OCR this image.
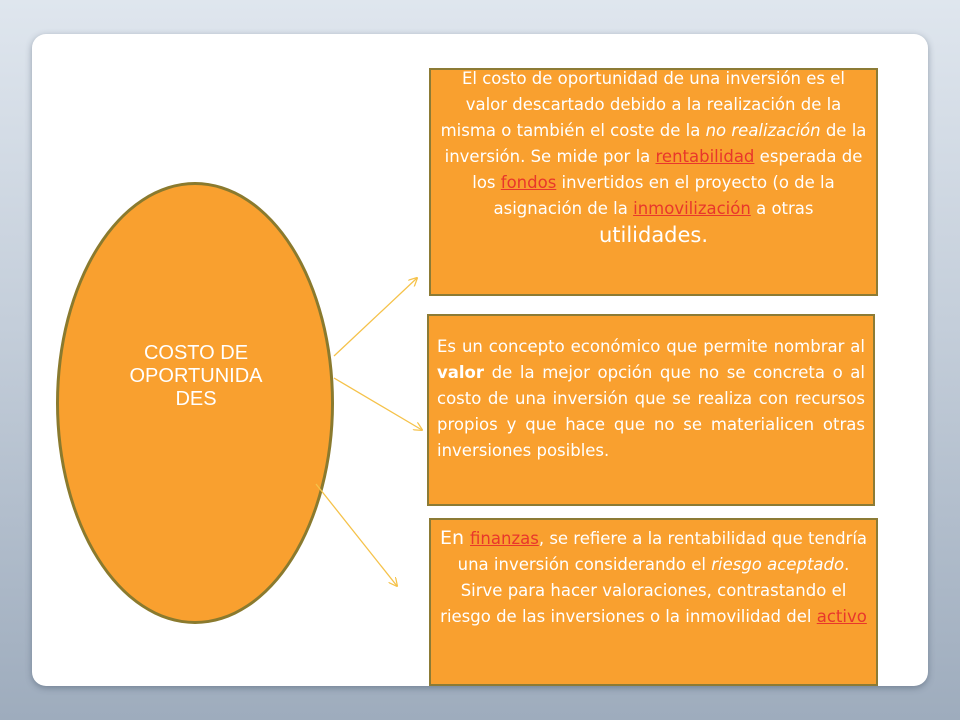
COSTO DE
OPORTUNIDA
DES
El costo de oportunidad de una inversión es el valor descartado debido a la realización de la misma o también el coste de la no realización de la inversión. Se mide por la rentabilidad esperada de los fondos invertidos en el proyecto (o de la asignación de la inmovilización a otras utilidades.
Es un concepto económico que permite nombrar al valor de la mejor opción que no se concreta o al costo de una inversión que se realiza con recursos propios y que hace que no se materialicen otras inversiones posibles.
En finanzas, se refiere a la rentabilidad que tendría una inversión considerando el riesgo aceptado. Sirve para hacer valoraciones, contrastando el riesgo de las inversiones o la inmovilidad del activo
